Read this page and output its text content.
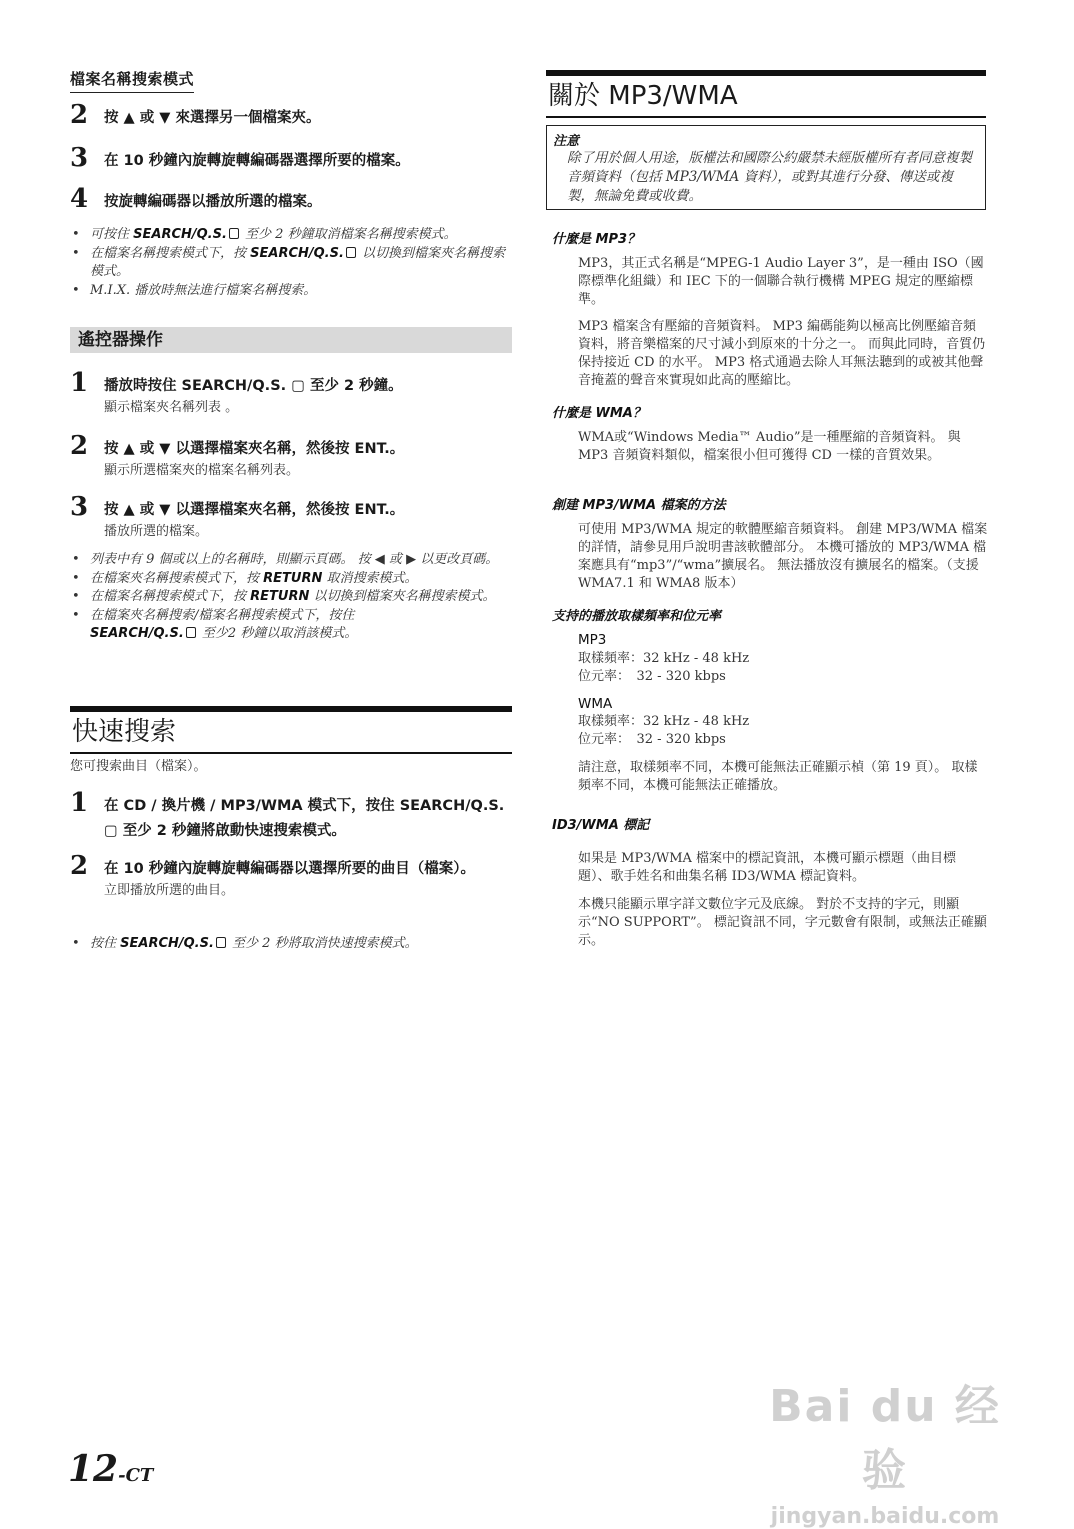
檔案名稱搜索模式
2 按 ▲ 或 ▼ 來選擇另一個檔案夾。
3 在 10 秒鐘內旋轉旋轉編碼器選擇所要的檔案。
4 按旋轉編碼器以播放所選的檔案。
• 可按住 SEARCH/Q.S. 至少 2 秒鐘取消檔案名稱搜索模式。
• 在檔案名稱搜索模式下，按 SEARCH/Q.S. 以切換到檔案夾名稱搜索模式。
• M.I.X. 播放時無法進行檔案名稱搜索。
遙控器操作
1 播放時按住 SEARCH/Q.S. ▢ 至少 2 秒鐘。
顯示檔案夾名稱列表 。
2 按 ▲ 或 ▼ 以選擇檔案夾名稱，然後按 ENT.。
顯示所選檔案夾的檔案名稱列表。
3 按 ▲ 或 ▼ 以選擇檔案夾名稱，然後按 ENT.。
播放所選的檔案。
• 列表中有 9 個或以上的名稱時，則顯示頁碼。 按 ◀ 或 ▶ 以更改頁碼。
• 在檔案夾名稱搜索模式下，按 RETURN 取消搜索模式。
• 在檔案名稱搜索模式下，按 RETURN 以切換到檔案夾名稱搜索模式。
• 在檔案夾名稱搜索/檔案名稱搜索模式下，按住
SEARCH/Q.S. 至少2 秒鐘以取消該模式。
快速搜索
您可搜索曲目（檔案）。
1 在 CD / 換片機 / MP3/WMA 模式下，按住 SEARCH/Q.S. ▢ 至少 2 秒鐘將啟動快速搜索模式。
2 在 10 秒鐘內旋轉旋轉編碼器以選擇所要的曲目（檔案）。
立即播放所選的曲目。
• 按住 SEARCH/Q.S. 至少 2 秒將取消快速搜索模式。
關於 MP3/WMA
注意
除了用於個人用途，版權法和國際公約嚴禁未經版權所有者同意複製音頻資料（包括 MP3/WMA 資料），或對其進行分發、傳送或複製，無論免費或收費。
什麼是 MP3？
MP3，其正式名稱是“MPEG-1 Audio Layer 3”，是一種由 ISO（國際標準化組織）和 IEC 下的一個聯合執行機構 MPEG 規定的壓縮標準。
MP3 檔案含有壓縮的音頻資料。 MP3 編碼能夠以極高比例壓縮音頻資料，將音樂檔案的尺寸減小到原來的十分之一。 而與此同時，音質仍保持接近 CD 的水平。 MP3 格式通過去除人耳無法聽到的或被其他聲音掩蓋的聲音來實現如此高的壓縮比。
什麼是 WMA？
WMA或“Windows Media™ Audio”是一種壓縮的音頻資料。 與 MP3 音頻資料類似，檔案很小但可獲得 CD 一樣的音質效果。
創建 MP3/WMA 檔案的方法
可使用 MP3/WMA 規定的軟體壓縮音頻資料。 創建 MP3/WMA 檔案的詳情，請參見用戶說明書該軟體部分。 本機可播放的 MP3/WMA 檔案應具有“mp3”/“wma”擴展名。 無法播放沒有擴展名的檔案。（支援 WMA7.1 和 WMA8 版本）
支持的播放取樣頻率和位元率
MP3
取樣頻率：32 kHz - 48 kHz
位元率：　32 - 320 kbps
WMA
取樣頻率：32 kHz - 48 kHz
位元率：　32 - 320 kbps
請注意，取樣頻率不同，本機可能無法正確顯示楨（第 19 頁）。 取樣頻率不同，本機可能無法正確播放。
ID3/WMA 標記
如果是 MP3/WMA 檔案中的標記資訊，本機可顯示標題（曲目標題）、歌手姓名和曲集名稱 ID3/WMA 標記資料。
本機只能顯示單字詳文數位字元及底線。 對於不支持的字元，則顯示“NO SUPPORT”。 標記資訊不同，字元數會有限制，或無法正確顯示。
12-CT
Bai du 经验
jingyan.baidu.com
